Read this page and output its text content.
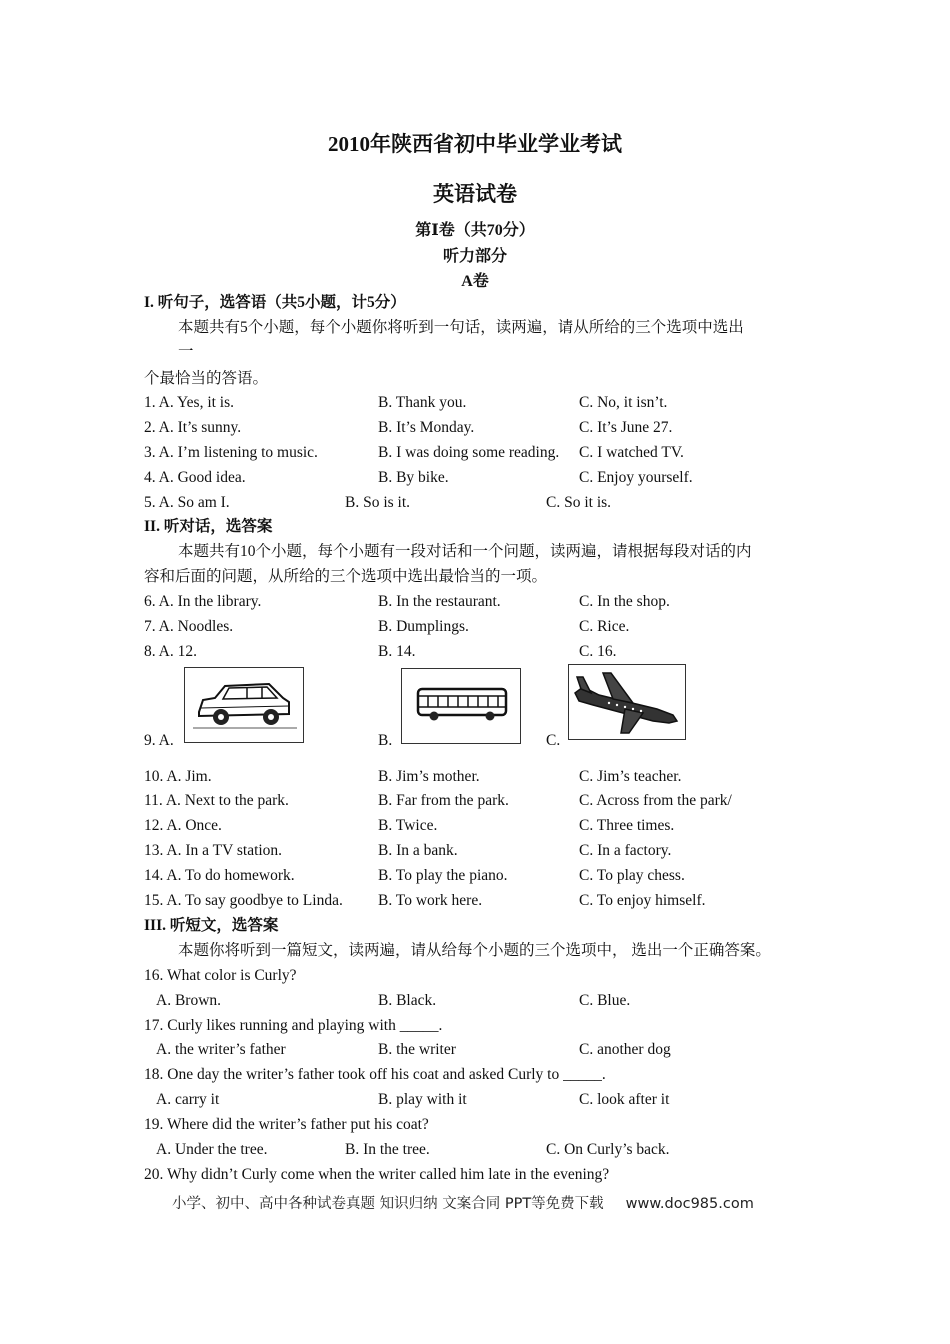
2010年陕西省初中毕业学业考试
英语试卷
第Ⅰ卷（共70分）
听力部分
A卷
I. 听句子，选答语（共5小题，计5分）
本题共有5个小题，每个小题你将听到一句话，读两遍，请从所给的三个选项中选出
一
个最恰当的答语。
1. A. Yes, it is.	B. Thank you.	C. No, it isn’t.
2. A. It’s sunny.	B. It’s Monday.	C. It’s June 27.
3. A. I’m listening to music.	B. I was doing some reading. C. I watched TV.
4. A. Good idea.	B. By bike.	C. Enjoy yourself.
5. A. So am I.	B. So is it.	C. So it is.
II. 听对话，选答案
本题共有10个小题，每个小题有一段对话和一个问题，读两遍，请根据每段对话的内
容和后面的问题，从所给的三个选项中选出最恰当的一项。
6. A. In the library.	B. In the restaurant.	C. In the shop.
7. A. Noodles.	B. Dumplings.	C. Rice.
8. A. 12.	B. 14.	C. 16.
9. A.	B.	C.
10. A. Jim.	B. Jim’s mother.	C. Jim’s teacher.
11. A. Next to the park.	B. Far from the park.	C. Across from the park/
12. A. Once.	B. Twice.	C. Three times.
13. A. In a TV station.	B. In a bank.	C. In a factory.
14. A. To do homework.	B. To play the piano.	C. To play chess.
15. A. To say goodbye to Linda. B. To work here.	C. To enjoy himself.
III. 听短文，选答案
本题你将听到一篇短文，读两遍，请从给每个小题的三个选项中， 选出一个正确答案。
16. What color is Curly?
A. Brown.	B. Black.	C. Blue.
17. Curly likes running and playing with _____.
A. the writer’s father	B. the writer	C. another dog
18. One day the writer’s father took off his coat and asked Curly to _____.
A. carry it	B. play with it	C. look after it
19. Where did the writer’s father put his coat?
A. Under the tree.	B. In the tree.	C. On Curly’s back.
20. Why didn’t Curly come when the writer called him late in the evening?
小学、初中、高中各种试卷真题 知识归纳 文案合同 PPT等免费下载 www.doc985.com
